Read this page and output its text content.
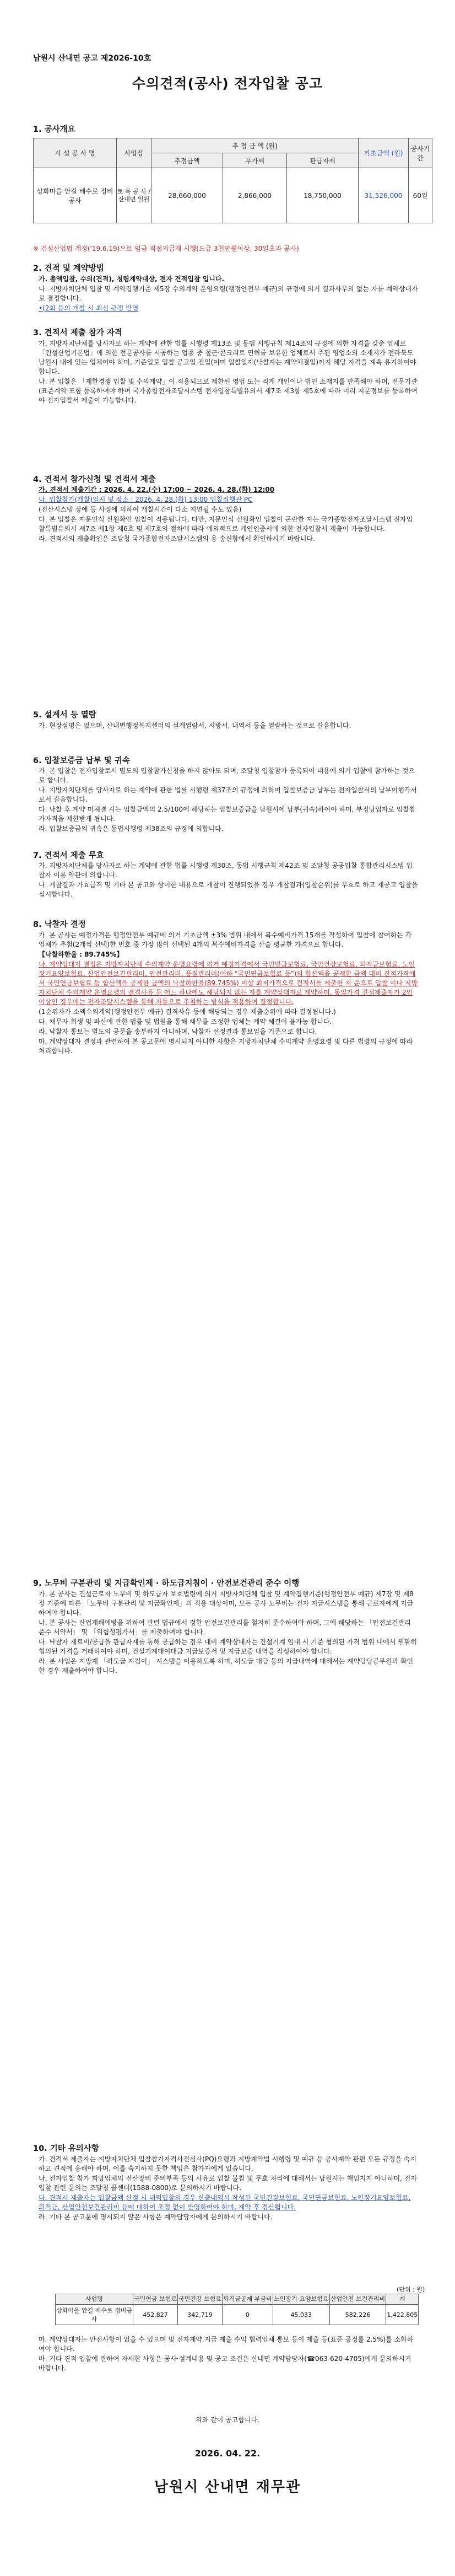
남원시 산내면 공고 제2026-10호
수의견적(공사) 전자입찰 공고
1. 공사개요
시 설 공 사 명	사업장	추 정 금 액 (원)			기초금액 (원)	공사기간
		추정금액	부가세	관급자재		
상화마을 안길 배수로 정비공사	토 목 공 사 / 산내면 일원	28,660,000	2,866,000	18,750,000	31,526,000	60일
※ 건설산업법 개정('19.6.19)으로 임금 직접지급제 시행(도급 3천만원이상, 30일초과 공사)
2. 견적 및 계약방법

가. 총액입찰, 수의(견적), 청렴계약대상, 전자 견적입찰 입니다.

나. 지방자치단체 입찰 및 계약집행기준 제5장 수의계약 운영요령(행정안전부 예규)의 규정에 의거 결과사무의 없는 자를 계약상대자로 결정합니다.

•(2회 등의 개찰 시 최신 규정 반영

3. 견적서 제출 참가 자격

가. 지방자치단체를 당사자로 하는 계약에 관한 법률 시행령 제13조 및 동법 시행규칙 제14조의 규정에 의한 자격을 갖춘 업체로 「건설산업기본법」에 의한 전문공사를 시공하는 업종 중 철근·콘크리트 면허를 보유한 업체로서 주된 영업소의 소재지가 전라북도 남원시 내에 있는 업체여야 하며, 기준일로 입찰 공고일 전일(이며 입찰일자(낙찰자는 계약체결일)까지 해당 자격을 계속 유지하여야 합니다.

나. 본 입찰은 「제한경쟁 입찰 및 수의계약」이 적용되므로 제한된 영업 또는 직계 개인이나 법인 소재지를 만족해야 하며, 전문기관(표준계약 포함 등록하여야 하며 국가종합전자조달시스템 전자입찰특별유의서 제7조 제3항 제5호에 따라 미리 지문정보를 등록하여야 전자입찰서 제출이 가능합니다.

4. 견적서 참가신청 및 견적서 제출

가. 견적서 제출기간 : 2026. 4. 22.(수) 17:00 ~ 2026. 4. 28.(화) 12:00

나. 입찰참가(개찰)일시 및 장소 : 2026. 4. 28.(화) 13:00 입찰집행관 PC

(전산시스템 장애 등 사정에 의하여 개찰시간이 다소 지연될 수도 있음)

다. 본 입찰은 지문인식 신원확인 입찰이 적용됩니다. 다만, 지문인식 신원확인 입찰이 곤란한 자는 국가종합전자조달시스템 전자입찰특별유의서 제7조 제1항 제6호 및 제7호의 절차에 따라 예외적으로 개인인증서에 의한 전자입찰서 제출이 가능합니다.

라. 견적서의 제출확인은 조달청 국가종합전자조달시스템의 용 송신함에서 확인하시기 바랍니다.

5. 설계서 등 열람

가. 현장설명은 없으며, 산내면행정복지센터의 설계열람서, 시방서, 내역서 등을 열람하는 것으로 갈음합니다.

6. 입찰보증금 납부 및 귀속

가. 본 입찰은 전자입찰로서 별도의 입찰참가신청을 하지 않아도 되며, 조달청 입찰참가 등록되어 내용에 의거 입찰에 참가하는 것으로 합니다.

나. 지방자치단체를 당사자로 하는 계약에 관한 법률 시행령 제37조의 규정에 의하여 입찰보증금 납부는 전자입찰서의 납부이행각서로서 갈음합니다.

다. 낙찰 후 계약 미체결 시는 입찰금액의 2.5/100에 해당하는 입찰보증금을 남원시에 납부(귀속)하여야 하며, 부정당업자로 입찰참가자격을 제한받게 됩니다.

라. 입찰보증금의 귀속은 동법시행령 제38조의 규정에 의합니다.

7. 견적서 제출 무효

가. 지방자치단체를 당사자로 하는 계약에 관한 법률 시행령 제30조, 동법 시행규칙 제42조 및 조달청 공공입찰 통합관리시스템 입찰자 이용 약관에 의합니다.

나. 개찰결과 가효급격 및 기타 본 공고와 상이한 내용으로 개찰이 진행되었을 경우 개찰결과(입찰순위)를 무효로 하고 재공고 입찰을 실시합니다.

8. 낙찰자 결정

가. 본 공사는 예정가격은 행정안전부 예규에 의거 기초금액 ±3% 범위 내에서 복수예비가격 15개를 작성하여 입찰에 참여하는 각 업체가 추첨(2개씩 선택)한 번호 중 가장 많이 선택된 4개의 복수예비가격을 산술 평균한 가격으로 합니다.

【낙찰하한율 : 89.745%】

나. 계약상대자 결정은 지방자치단체 수의계약 운영요령에 의거 예정가격에서 국민연금보험료, 국민건강보험료, 퇴직금보험료, 노인장기요양보험료, 산업안전보건관리비, 안전관리비, 품질관리비(이하 "국민연금보험료 등")의 합산액을 공제한 금액 대비 견적가격에서 국민연금보험료 등 합산액을 공제한 금액의 낙찰하한율(89.745%) 이상 최저가격으로 견적서를 제출한 자 순으로 입찰 이나 지방자치단체 수의계약 운영요령의 결격사유 등 어느 하나에도 해당되지 않는 자를 계약상대자로 계약하며, 동일가격 견적제출자가 2인 이상인 경우에는 전자조달시스템을 통해 자동으로 추첨하는 방식을 적용하여 결정합니다.

(1순위자가 소액수의계약(행정안전부 예규) 결격사유 등에 해당되는 경우 제출순위에 따라 결정됩니다.)

다. 채무자 회생 및 파산에 관한 법률 및 법원을 통해 채무를 조정한 업체는 계약 체결이 불가능 합니다.

라. 낙찰자 통보는 별도의 공문을 송부하지 아니하며, 낙찰자 선정결과 통보일을 기준으로 합니다.

마. 계약상대자 결정과 관련하여 본 공고문에 명시되지 아니한 사항은 지방자치단체 수의계약 운영요령 및 다른 법령의 규정에 따라 처리합니다.

9. 노무비 구분관리 및 지급확인제 · 하도급지침이 · 안전보건관리 준수 이행

가. 본 공사는 건설근로자 노무비 및 하도급자 보호법령에 의거 지방자치단체 입찰 및 계약집행기준(행정안전부 예규) 제7장 및 제8장 기준에 따른 「노무비 구분관리 및 지급확인제」의 적용 대상이며, 모든 공사 노무비는 전자 지급시스템을 통해 근로자에게 지급하여야 합니다.

나. 본 공사는 산업재해예방을 위하여 관련 법규에서 정한 안전보건관리를 철저히 준수하여야 하며, 그에 해당하는 「안전보건관리 준수 서약서」 및 「위험성평가서」를 제출하여야 합니다.

다. 낙찰자 재료비/공급을 관급자재를 통해 공급하는 경우 대비 계약상대자는 건설기계 임대 시 기준 협의된 가격 범위 내에서 원활히 협의된 가격을 거래하여야 하며, 건설기계대여대금 지급보증서 및 지급보증 내역을 작성하여야 합니다.

라. 본 사업은 지방계 「하도급 지킴이」 시스템을 이용하도록 하며, 하도급 대금 등의 지급내역에 대해서는 계약담당공무원과 확인한 경우 제출하여야 합니다.

10. 기타 유의사항

가. 견적서 제출자는 지방자치단체 입찰참가자격사전심사(PQ)요령과 지방계약법 시행령 및 예규 등 공사계약 관련 모든 규정을 숙지하고 견적에 응해야 하며, 이를 숙지하지 못한 책임은 참가자에게 있습니다.

나. 전자입찰 참가 희망업체의 전산장비 준비부족 등의 사유로 입찰 불참 및 무효 처리에 대해서는 남원시는 책임지지 아니하며, 전자입찰 관련 문의는 조달청 콜센터(1588-0800)로 문의하시기 바랍니다.

다. 견적서 제출자는 입찰금액 산정 시 내역입찰의 경우 산출내역서 작성된 국민건강보험료, 국민연금보험료, 노인장기요양보험료, 퇴직금, 산업안전보건관리비 등에 대하여 조정 없이 반영하여야 하며, 계약 후 정산됩니다.

라. 기타 본 공고문에 명시되지 않은 사항은 계약담당자에게 문의하시기 바랍니다.

(단위 : 원)
사업명	국민연금 보험료	국민건강 보험료	퇴직금공제 부금비	노인장기 요양보험료	산업안전 보건관리비	계
상화마을 안길 배수로 정비공사	452,827	342,719	0	45,033	582,226	1,422,805

마. 계약상대자는 안전사항이 없을 수 있으며 및 전자계약 지급 제출 수익 협력업체 통보 등이 제출 등(표준 공정률 2.5%)를 소화하여야 합니다.

바. 기타 견적 입찰에 관하여 자세한 사항은 공사·설계내용 및 공고 조건은 산내면 계약담당자(☎063-620-4705)에게 문의하시기 바랍니다.

위와 같이 공고합니다.
2026. 04. 22.
남원시 산내면 재무관
